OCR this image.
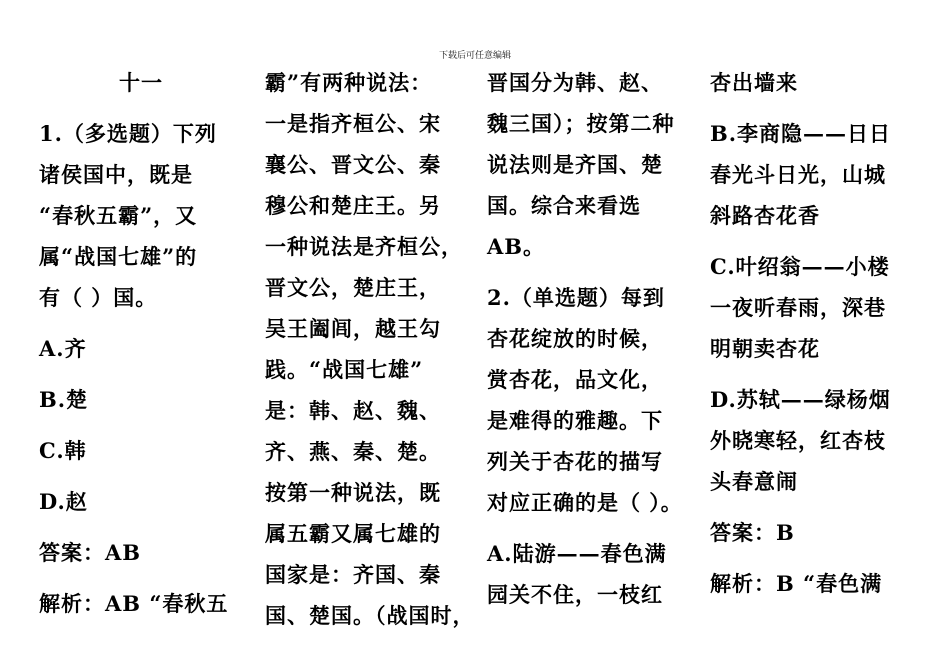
下载后可任意编辑
十一
1.（多选题）下列
诸侯国中，既是
“春秋五霸”，又
属“战国七雄”的
有（ ）国。
A.齐
B.楚
C.韩
D.赵
答案：AB
解析：AB “春秋五
霸”有两种说法：
一是指齐桓公、宋
襄公、晋文公、秦
穆公和楚庄王。另
一种说法是齐桓公，
晋文公，楚庄王，
吴王阖闾，越王勾
践。“战国七雄”
是：韩、赵、魏、
齐、燕、秦、楚。
按第一种说法，既
属五霸又属七雄的
国家是：齐国、秦
国、楚国。（战国时，
晋国分为韩、赵、
魏三国）；按第二种
说法则是齐国、楚
国。综合来看选
AB。
2.（单选题）每到
杏花绽放的时候，
赏杏花，品文化，
是难得的雅趣。下
列关于杏花的描写
对应正确的是（ ）。
A.陆游——春色满
园关不住，一枝红
杏出墙来
B.李商隐——日日
春光斗日光，山城
斜路杏花香
C.叶绍翁——小楼
一夜听春雨，深巷
明朝卖杏花
D.苏轼——绿杨烟
外晓寒轻，红杏枝
头春意闹
答案：B
解析：B “春色满
